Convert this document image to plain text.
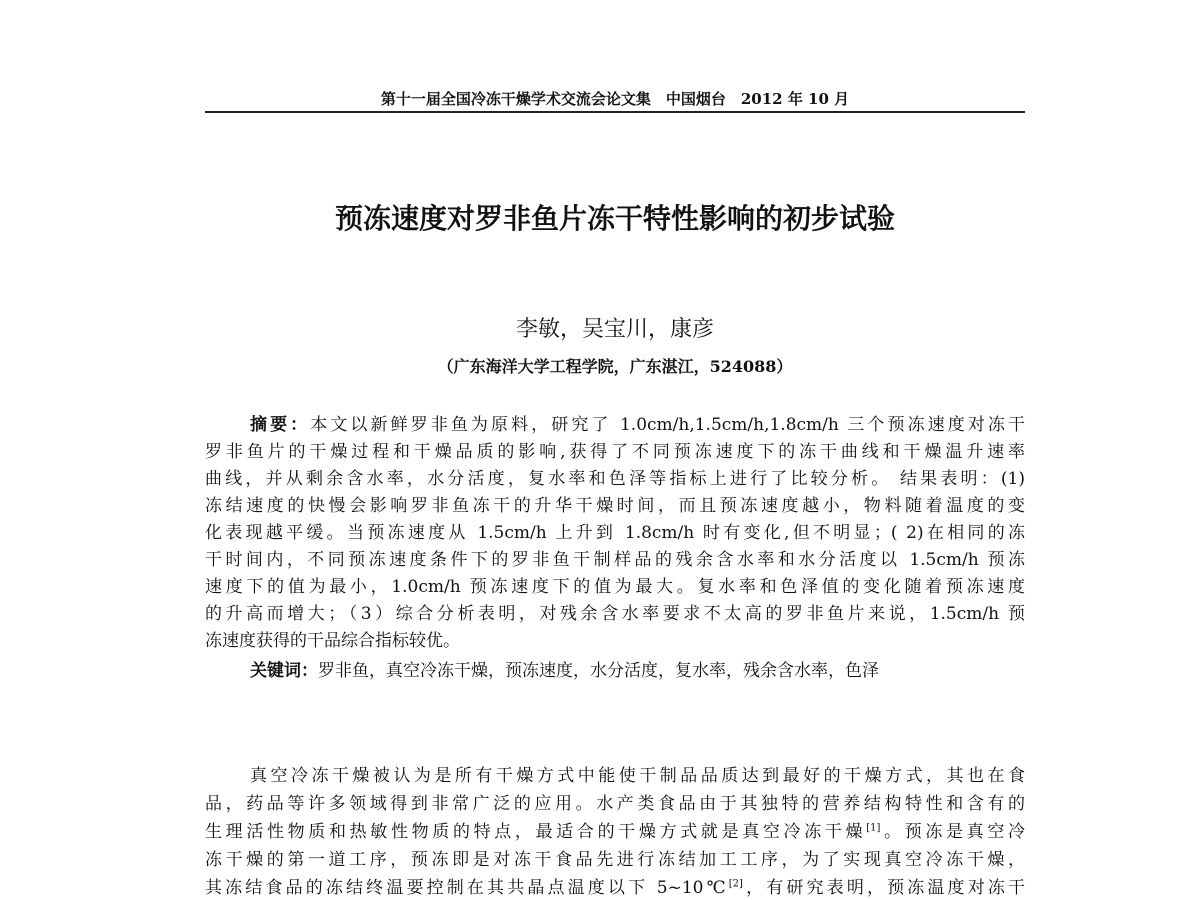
第十一届全国冷冻干燥学术交流会论文集　中国烟台　2012 年 10 月
预冻速度对罗非鱼片冻干特性影响的初步试验
李敏，吴宝川，康彦
（广东海洋大学工程学院，广东湛江，524088）
摘要：本文以新鲜罗非鱼为原料，研究了 1.0cm/h,1.5cm/h,1.8cm/h 三个预冻速度对冻干
罗非鱼片的干燥过程和干燥品质的影响,获得了不同预冻速度下的冻干曲线和干燥温升速率
曲线，并从剩余含水率，水分活度，复水率和色泽等指标上进行了比较分析。 结果表明：(1)
冻结速度的快慢会影响罗非鱼冻干的升华干燥时间，而且预冻速度越小，物料随着温度的变
化表现越平缓。当预冻速度从 1.5cm/h 上升到 1.8cm/h 时有变化,但不明显；( 2)在相同的冻
干时间内，不同预冻速度条件下的罗非鱼干制样品的残余含水率和水分活度以 1.5cm/h 预冻
速度下的值为最小，1.0cm/h 预冻速度下的值为最大。复水率和色泽值的变化随着预冻速度
的升高而增大；（3）综合分析表明，对残余含水率要求不太高的罗非鱼片来说，1.5cm/h 预
冻速度获得的干品综合指标较优。
关键词：罗非鱼，真空冷冻干燥，预冻速度，水分活度，复水率，残余含水率，色泽
真空冷冻干燥被认为是所有干燥方式中能使干制品品质达到最好的干燥方式，其也在食
品，药品等许多领域得到非常广泛的应用。水产类食品由于其独特的营养结构特性和含有的
生理活性物质和热敏性物质的特点，最适合的干燥方式就是真空冷冻干燥[1]。预冻是真空冷
冻干燥的第一道工序，预冻即是对冻干食品先进行冻结加工工序，为了实现真空冷冻干燥，
其冻结食品的冻结终温要控制在其共晶点温度以下 5~10℃[2]，有研究表明，预冻温度对冻干
